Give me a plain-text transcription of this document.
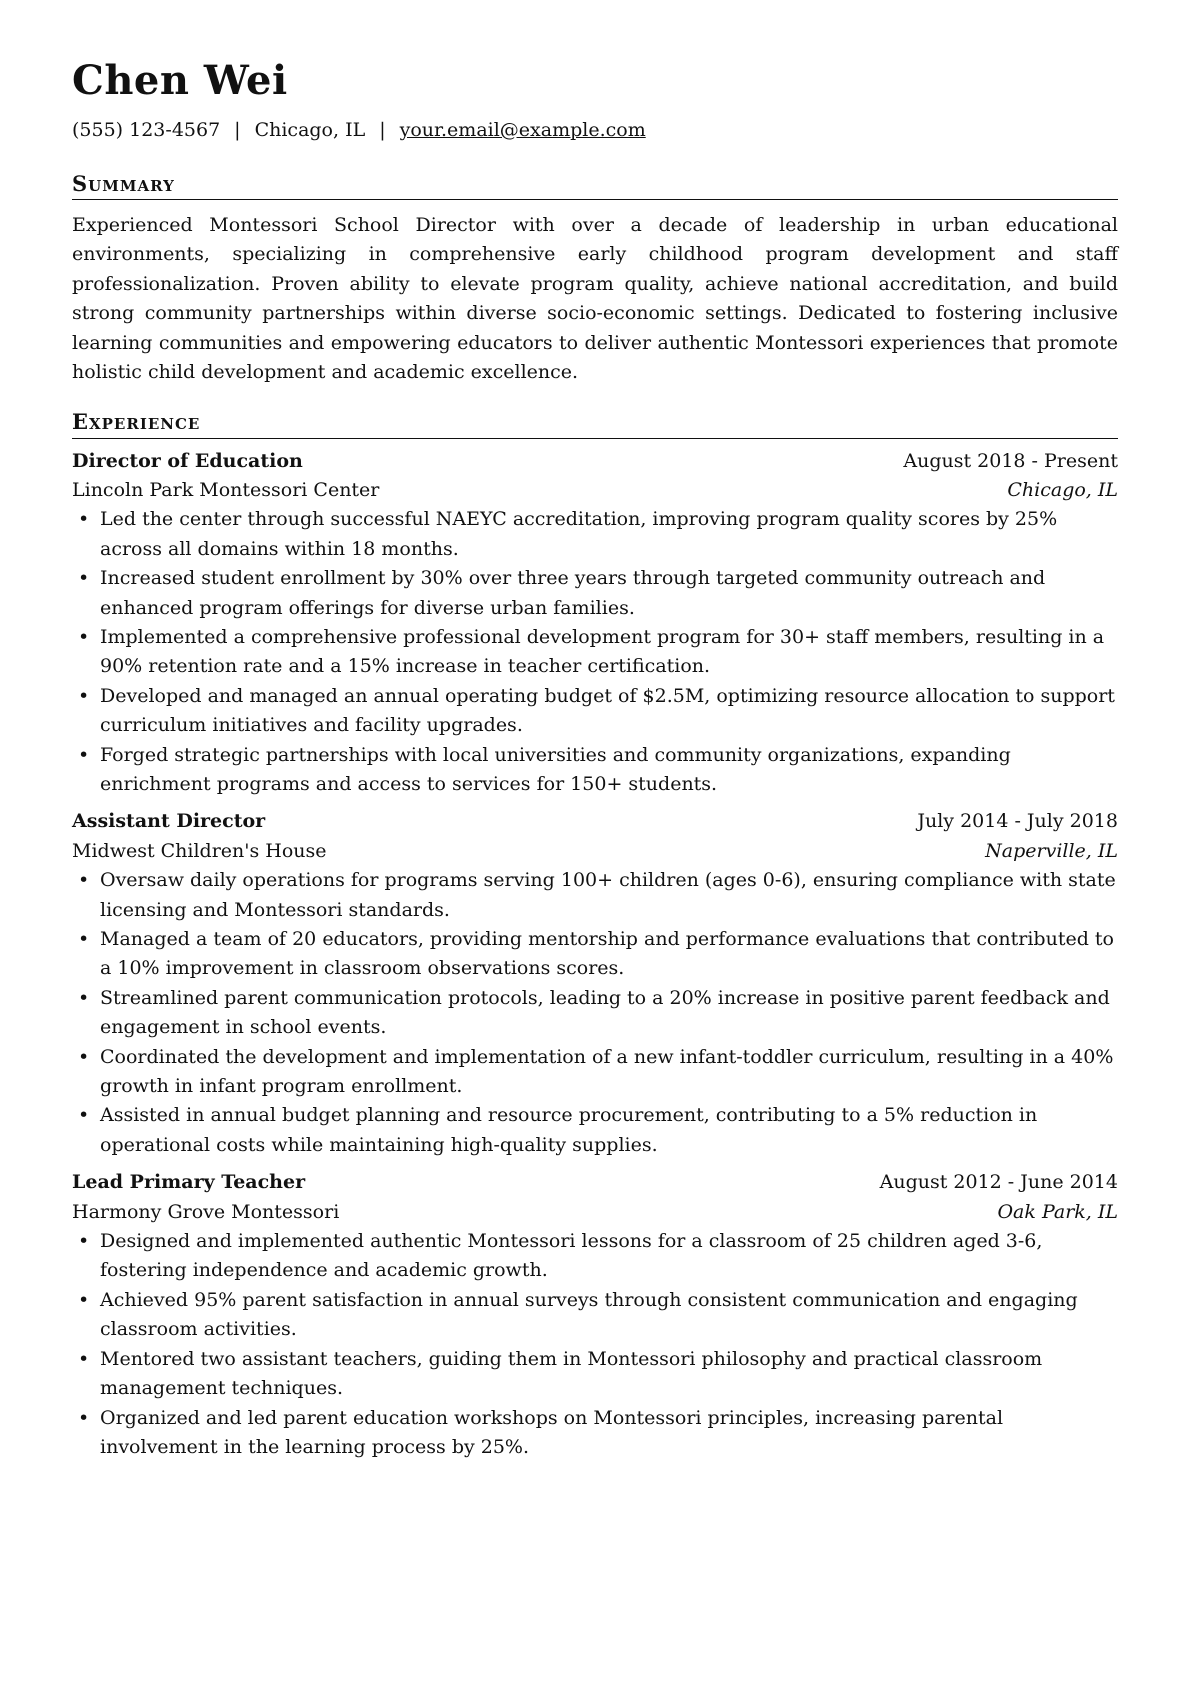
Chen Wei
(555) 123-4567 | Chicago, IL | your.email@example.com
Summary

Experienced Montessori School Director with over a decade of leadership in urban educational environments, specializing in comprehensive early childhood program development and staff professionalization. Proven ability to elevate program quality, achieve national accreditation, and build strong community partnerships within diverse socio-economic settings. Dedicated to fostering inclusive learning communities and empowering educators to deliver authentic Montessori experiences that promote holistic child development and academic excellence.

Experience
Director of Education	August 2018 - Present
Lincoln Park Montessori Center	Chicago, IL
• Led the center through successful NAEYC accreditation, improving program quality scores by 25% across all domains within 18 months.
• Increased student enrollment by 30% over three years through targeted community outreach and enhanced program offerings for diverse urban families.
• Implemented a comprehensive professional development program for 30+ staff members, resulting in a 90% retention rate and a 15% increase in teacher certification.
• Developed and managed an annual operating budget of $2.5M, optimizing resource allocation to support curriculum initiatives and facility upgrades.
• Forged strategic partnerships with local universities and community organizations, expanding enrichment programs and access to services for 150+ students.
Assistant Director	July 2014 - July 2018
Midwest Children's House	Naperville, IL
• Oversaw daily operations for programs serving 100+ children (ages 0-6), ensuring compliance with state licensing and Montessori standards.
• Managed a team of 20 educators, providing mentorship and performance evaluations that contributed to a 10% improvement in classroom observations scores.
• Streamlined parent communication protocols, leading to a 20% increase in positive parent feedback and engagement in school events.
• Coordinated the development and implementation of a new infant-toddler curriculum, resulting in a 40% growth in infant program enrollment.
• Assisted in annual budget planning and resource procurement, contributing to a 5% reduction in operational costs while maintaining high-quality supplies.
Lead Primary Teacher	August 2012 - June 2014
Harmony Grove Montessori	Oak Park, IL
• Designed and implemented authentic Montessori lessons for a classroom of 25 children aged 3-6, fostering independence and academic growth.
• Achieved 95% parent satisfaction in annual surveys through consistent communication and engaging classroom activities.
• Mentored two assistant teachers, guiding them in Montessori philosophy and practical classroom management techniques.
• Organized and led parent education workshops on Montessori principles, increasing parental involvement in the learning process by 25%.
